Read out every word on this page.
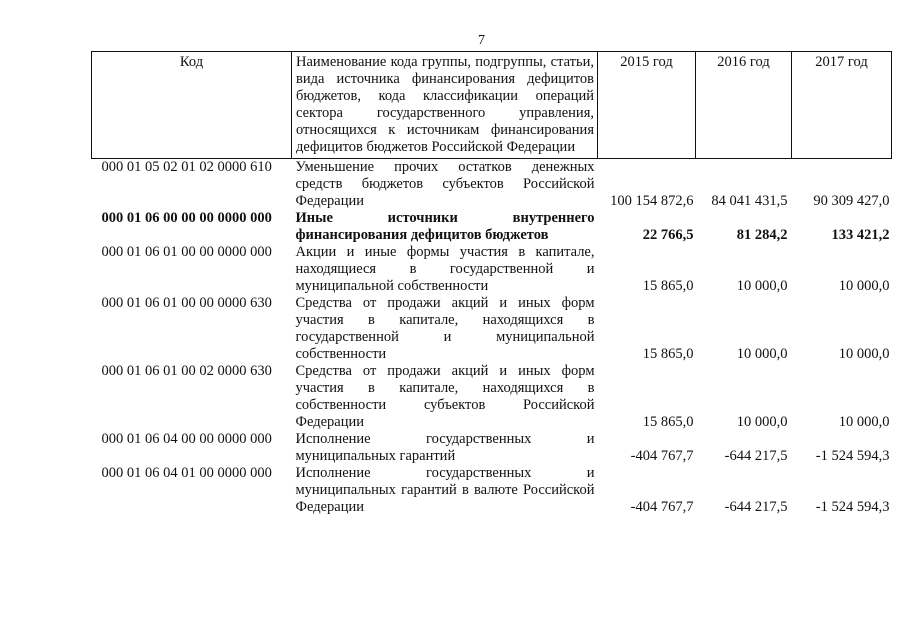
7
Код	Наименование кода группы, подгруппы, статьи, вида источника финансирования дефицитов бюджетов, кода классификации операций сектора государственного управления, относящихся к источникам финансирования дефицитов бюджетов Российской Федерации	2015 год	2016 год	2017 год
000 01 05 02 01 02 0000 610	Уменьшение прочих остатков денежных средств бюджетов субъектов Российской Федерации	100 154 872,6	84 041 431,5	90 309 427,0
000 01 06 00 00 00 0000 000	Иные источники внутреннего финансирования дефицитов бюджетов	22 766,5	81 284,2	133 421,2
000 01 06 01 00 00 0000 000	Акции и иные формы участия в капитале, находящиеся в государственной и муниципальной собственности	15 865,0	10 000,0	10 000,0
000 01 06 01 00 00 0000 630	Средства от продажи акций и иных форм участия в капитале, находящихся в государственной и муниципальной собственности	15 865,0	10 000,0	10 000,0
000 01 06 01 00 02 0000 630	Средства от продажи акций и иных форм участия в капитале, находящихся в собственности субъектов Российской Федерации	15 865,0	10 000,0	10 000,0
000 01 06 04 00 00 0000 000	Исполнение государственных и муниципальных гарантий	-404 767,7	-644 217,5	-1 524 594,3
000 01 06 04 01 00 0000 000	Исполнение государственных и муниципальных гарантий в валюте Российской Федерации	-404 767,7	-644 217,5	-1 524 594,3
